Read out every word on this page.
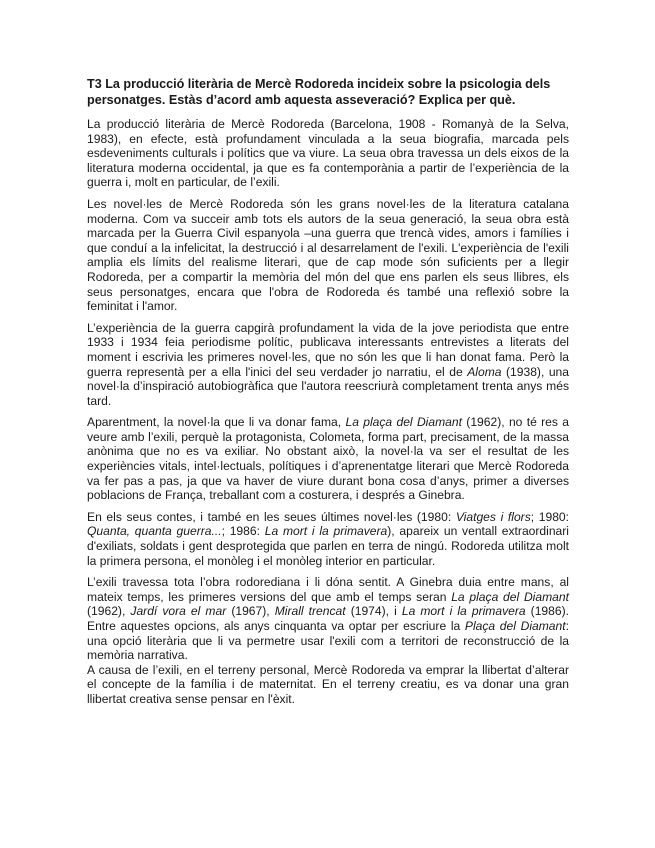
T3 La producció literària de Mercè Rodoreda incideix sobre la psicologia dels personatges. Estàs d’acord amb aquesta asseveració? Explica per què.

La producció literària de Mercè Rodoreda (Barcelona, 1908 - Romanyà de la Selva, 1983), en efecte, està profundament vinculada a la seua biografia, marcada pels esdeveniments culturals i polítics que va viure. La seua obra travessa un dels eixos de la literatura moderna occidental, ja que es fa contemporània a partir de l’experiència de la guerra i, molt en particular, de l’exili.

Les novel·les de Mercè Rodoreda són les grans novel·les de la literatura catalana moderna. Com va succeir amb tots els autors de la seua generació, la seua obra està marcada per la Guerra Civil espanyola –una guerra que trencà vides, amors i famílies i que conduí a la infelicitat, la destrucció i al desarrelament de l'exili. L'experiència de l'exili amplia els límits del realisme literari, que de cap mode són suficients per a llegir Rodoreda, per a compartir la memòria del món del que ens parlen els seus llibres, els seus personatges, encara que l'obra de Rodoreda és també una reflexió sobre la feminitat i l'amor.

L’experiència de la guerra capgirà profundament la vida de la jove periodista que entre 1933 i 1934 feia periodisme polític, publicava interessants entrevistes a literats del moment i escrivia les primeres novel·les, que no són les que li han donat fama. Però la guerra representà per a ella l'inici del seu verdader jo narratiu, el de Aloma (1938), una novel·la d’inspiració autobiogràfica que l'autora reescriurà completament trenta anys més tard.

Aparentment, la novel·la que li va donar fama, La plaça del Diamant (1962), no té res a veure amb l’exili, perquè la protagonista, Colometa, forma part, precisament, de la massa anònima que no es va exiliar. No obstant això, la novel·la va ser el resultat de les experiències vitals, intel·lectuals, polítiques i d’aprenentatge literari que Mercè Rodoreda va fer pas a pas, ja que va haver de viure durant bona cosa d’anys, primer a diverses poblacions de França, treballant com a costurera, i després a Ginebra.

En els seus contes, i també en les seues últimes novel·les (1980: Viatges i flors; 1980: Quanta, quanta guerra...; 1986: La mort i la primavera), apareix un ventall extraordinari d'exiliats, soldats i gent desprotegida que parlen en terra de ningú. Rodoreda utilitza molt la primera persona, el monòleg i el monòleg interior en particular.

L’exili travessa tota l’obra rodorediana i li dóna sentit. A Ginebra duia entre mans, al mateix temps, les primeres versions del que amb el temps seran La plaça del Diamant (1962), Jardí vora el mar (1967), Mirall trencat (1974), i La mort i la primavera (1986). Entre aquestes opcions, als anys cinquanta va optar per escriure la Plaça del Diamant: una opció literària que li va permetre usar l'exili com a territori de reconstrucció de la memòria narrativa.

A causa de l’exili, en el terreny personal, Mercè Rodoreda va emprar la llibertat d’alterar el concepte de la família i de maternitat. En el terreny creatiu, es va donar una gran llibertat creativa sense pensar en l'èxit.
